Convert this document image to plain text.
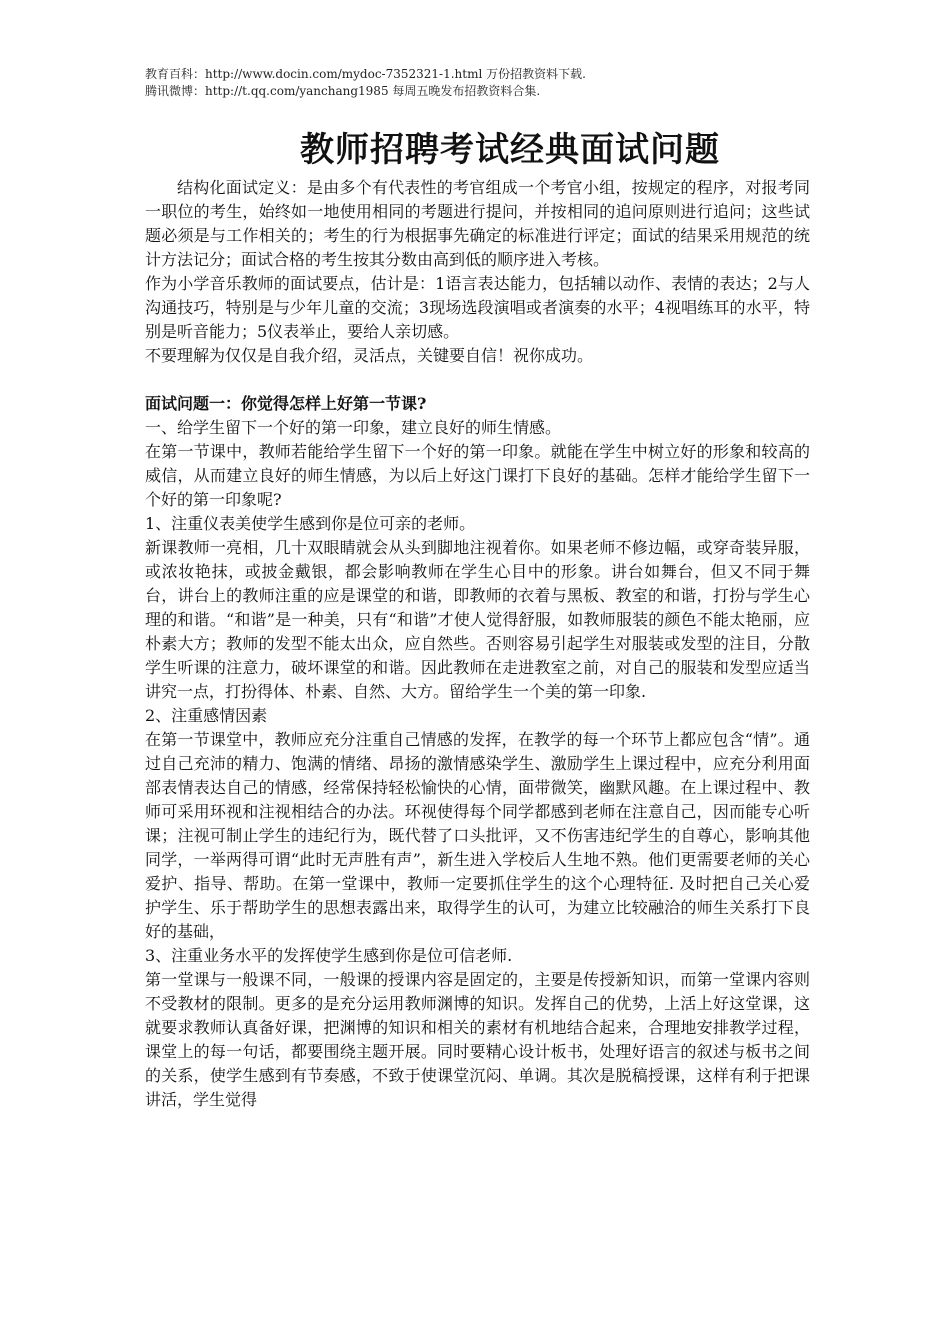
教育百科：http://www.docin.com/mydoc-7352321-1.html 万份招教资料下载.
腾讯微博：http://t.qq.com/yanchang1985 每周五晚发布招教资料合集.
教师招聘考试经典面试问题

结构化面试定义：是由多个有代表性的考官组成一个考官小组，按规定的程序，对报考同一职位的考生，始终如一地使用相同的考题进行提问，并按相同的追问原则进行追问；这些试题必须是与工作相关的；考生的行为根据事先确定的标准进行评定；面试的结果采用规范的统计方法记分；面试合格的考生按其分数由高到低的顺序进入考核。

作为小学音乐教师的面试要点，估计是：1语言表达能力，包括辅以动作、表情的表达；2与人沟通技巧，特别是与少年儿童的交流；3现场选段演唱或者演奏的水平；4视唱练耳的水平，特别是听音能力；5仪表举止，要给人亲切感。

不要理解为仅仅是自我介绍，灵活点，关键要自信！祝你成功。

面试问题一：你觉得怎样上好第一节课?

一、给学生留下一个好的第一印象，建立良好的师生情感。

在第一节课中，教师若能给学生留下一个好的第一印象。就能在学生中树立好的形象和较高的威信，从而建立良好的师生情感，为以后上好这门课打下良好的基础。怎样才能给学生留下一个好的第一印象呢?

1、注重仪表美使学生感到你是位可亲的老师。

新课教师一亮相，几十双眼睛就会从头到脚地注视着你。如果老师不修边幅，或穿奇装异服，或浓妆艳抹，或披金戴银，都会影响教师在学生心目中的形象。讲台如舞台，但又不同于舞台，讲台上的教师注重的应是课堂的和谐，即教师的衣着与黑板、教室的和谐，打扮与学生心理的和谐。“和谐”是一种美，只有“和谐”才使人觉得舒服，如教师服装的颜色不能太艳丽，应朴素大方；教师的发型不能太出众，应自然些。否则容易引起学生对服装或发型的注目，分散学生听课的注意力，破坏课堂的和谐。因此教师在走进教室之前，对自己的服装和发型应适当讲究一点，打扮得体、朴素、自然、大方。留给学生一个美的第一印象.

2、注重感情因素

在第一节课堂中，教师应充分注重自己情感的发挥，在教学的每一个环节上都应包含“情”。通过自己充沛的精力、饱满的情绪、昂扬的激情感染学生、激励学生上课过程中，应充分利用面部表情表达自己的情感，经常保持轻松愉快的心情，面带微笑，幽默风趣。在上课过程中、教师可采用环视和注视相结合的办法。环视使得每个同学都感到老师在注意自己，因而能专心听课；注视可制止学生的违纪行为，既代替了口头批评，又不伤害违纪学生的自尊心，影响其他同学，一举两得可谓“此时无声胜有声”，新生进入学校后人生地不熟。他们更需要老师的关心爱护、指导、帮助。在第一堂课中，教师一定要抓住学生的这个心理特征. 及时把自己关心爱护学生、乐于帮助学生的思想表露出来，取得学生的认可，为建立比较融洽的师生关系打下良好的基础，

3、注重业务水平的发挥使学生感到你是位可信老师.

第一堂课与一般课不同，一般课的授课内容是固定的，主要是传授新知识，而第一堂课内容则不受教材的限制。更多的是充分运用教师渊博的知识。发挥自己的优势，上活上好这堂课，这就要求教师认真备好课，把渊博的知识和相关的素材有机地结合起来，合理地安排教学过程，课堂上的每一句话，都要围绕主题开展。同时要精心设计板书，处理好语言的叙述与板书之间的关系，使学生感到有节奏感，不致于使课堂沉闷、单调。其次是脱稿授课，这样有利于把课讲活，学生觉得
